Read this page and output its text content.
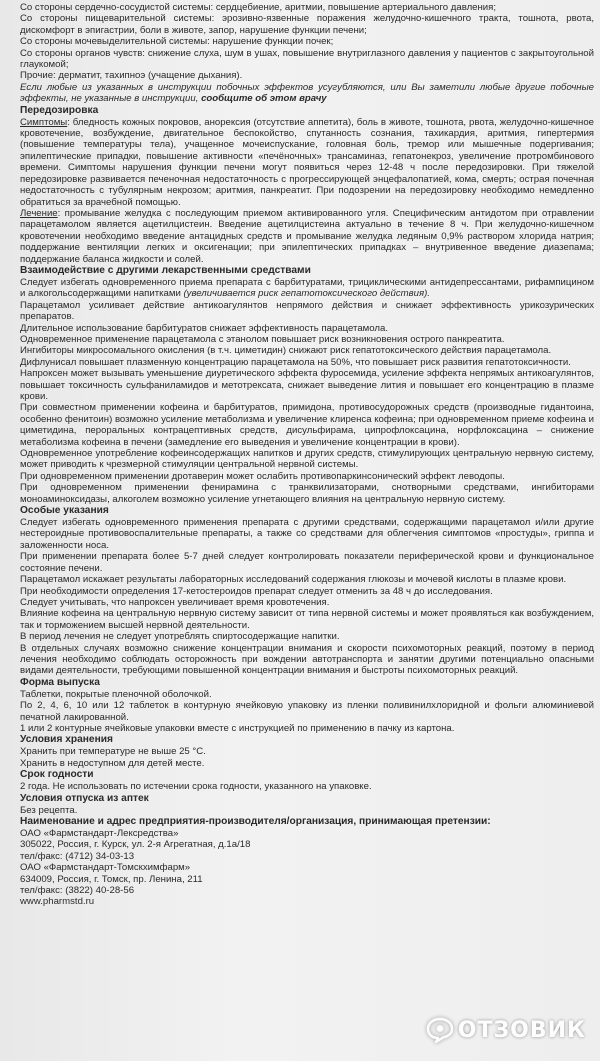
Со стороны сердечно-сосудистой системы: сердцебиение, аритмии, повышение артериального давления;

Со стороны пищеварительной системы: эрозивно-язвенные поражения желудочно-кишечного тракта, тошнота, рвота, дискомфорт в эпигастрии, боли в животе, запор, нарушение функции печени;

Со стороны мочевыделительной системы: нарушение функции почек;

Со стороны органов чувств: снижение слуха, шум в ушах, повышение внутриглазного давления у пациентов с закрытоугольной глаукомой;

Прочие: дерматит, тахипноэ (учащение дыхания).

Если любые из указанных в инструкции побочных эффектов усугубляются, или Вы заметили любые другие побочные эффекты, не указанные в инструкции, сообщите об этом врачу

Передозировка

Симптомы: бледность кожных покровов, анорексия (отсутствие аппетита), боль в животе, тошнота, рвота, желудочно-кишечное кровотечение, возбуждение, двигательное беспокойство, спутанность сознания, тахикардия, аритмия, гипертермия (повышение температуры тела), учащенное мочеиспускание, головная боль, тремор или мышечные подергивания; эпилептические припадки, повышение активности «печёночных» трансаминаз, гепатонекроз, увеличение протромбинового времени. Симптомы нарушения функции печени могут появиться через 12-48 ч после передозировки. При тяжелой передозировке развивается печеночная недостаточность с прогрессирующей энцефалопатией, кома, смерть; острая почечная недостаточность с тубулярным некрозом; аритмия, панкреатит. При подозрении на передозировку необходимо немедленно обратиться за врачебной помощью.

Лечение: промывание желудка с последующим приемом активированного угля. Специфическим антидотом при отравлении парацетамолом является ацетилцистеин. Введение ацетилцистеина актуально в течение 8 ч. При желудочно-кишечном кровотечении необходимо введение антацидных средств и промывание желудка ледяным 0,9% раствором хлорида натрия; поддержание вентиляции легких и оксигенации; при эпилептических припадках – внутривенное введение диазепама; поддержание баланса жидкости и солей.

Взаимодействие с другими лекарственными средствами

Следует избегать одновременного приема препарата с барбитуратами, трициклическими антидепрессантами, рифампицином и алкогольсодержащими напитками (увеличивается риск гепатотоксического действия).

Парацетамол усиливает действие антикоагулянтов непрямого действия и снижает эффективность урикозурических препаратов.

Длительное использование барбитуратов снижает эффективность парацетамола.

Одновременное применение парацетамола с этанолом повышает риск возникновения острого панкреатита.

Ингибиторы микросомального окисления (в т.ч. циметидин) снижают риск гепатотоксического действия парацетамола.

Дифлунисал повышает плазменную концентрацию парацетамола на 50%, что повышает риск развития гепатотоксичности.

Напроксен может вызывать уменьшение диуретического эффекта фуросемида, усиление эффекта непрямых антикоагулянтов, повышает токсичность сульфаниламидов и метотрексата, снижает выведение лития и повышает его концентрацию в плазме крови.

При совместном применении кофеина и барбитуратов, примидона, противосудорожных средств (производные гидантоина, особенно фенитоин) возможно усиление метаболизма и увеличение клиренса кофеина; при одновременном приеме кофеина и циметидина, пероральных контрацептивных средств, дисульфирама, ципрофлоксацина, норфлоксацина – снижение метаболизма кофеина в печени (замедление его выведения и увеличение концентрации в крови).

Одновременное употребление кофеинсодержащих напитков и других средств, стимулирующих центральную нервную систему, может приводить к чрезмерной стимуляции центральной нервной системы.

При одновременном применении дротаверин может ослабить противопаркинсонический эффект леводопы.

При одновременном применении фенирамина с транквилизаторами, снотворными средствами, ингибиторами моноаминоксидазы, алкоголем возможно усиление угнетающего влияния на центральную нервную систему.

Особые указания

Следует избегать одновременного применения препарата с другими средствами, содержащими парацетамол и/или другие нестероидные противовоспалительные препараты, а также со средствами для облегчения симптомов «простуды», гриппа и заложенности носа.

При применении препарата более 5-7 дней следует контролировать показатели периферической крови и функциональное состояние печени.

Парацетамол искажает результаты лабораторных исследований содержания глюкозы и мочевой кислоты в плазме крови.

При необходимости определения 17-кетостероидов препарат следует отменить за 48 ч до исследования.

Следует учитывать, что напроксен увеличивает время кровотечения.

Влияние кофеина на центральную нервную систему зависит от типа нервной системы и может проявляться как возбуждением, так и торможением высшей нервной деятельности.

В период лечения не следует употреблять спиртосодержащие напитки.

В отдельных случаях возможно снижение концентрации внимания и скорости психомоторных реакций, поэтому в период лечения необходимо соблюдать осторожность при вождении автотранспорта и занятии другими потенциально опасными видами деятельности, требующими повышенной концентрации внимания и быстроты психомоторных реакций.

Форма выпуска

Таблетки, покрытые пленочной оболочкой.

По 2, 4, 6, 10 или 12 таблеток в контурную ячейковую упаковку из пленки поливинилхлоридной и фольги алюминиевой печатной лакированной.

1 или 2 контурные ячейковые упаковки вместе с инструкцией по применению в пачку из картона.

Условия хранения

Хранить при температуре не выше 25 °С.

Хранить в недоступном для детей месте.

Срок годности

2 года. Не использовать по истечении срока годности, указанного на упаковке.

Условия отпуска из аптек

Без рецепта.

Наименование и адрес предприятия-производителя/организация, принимающая претензии:

ОАО «Фармстандарт-Лексредства»

305022, Россия, г. Курск, ул. 2-я Агрегатная, д.1а/18

тел/факс: (4712) 34-03-13

ОАО «Фармстандарт-Томскхимфарм»

634009, Россия, г. Томск, пр. Ленина, 211

тел/факс: (3822) 40-28-56

www.pharmstd.ru

ОТЗОВИК
